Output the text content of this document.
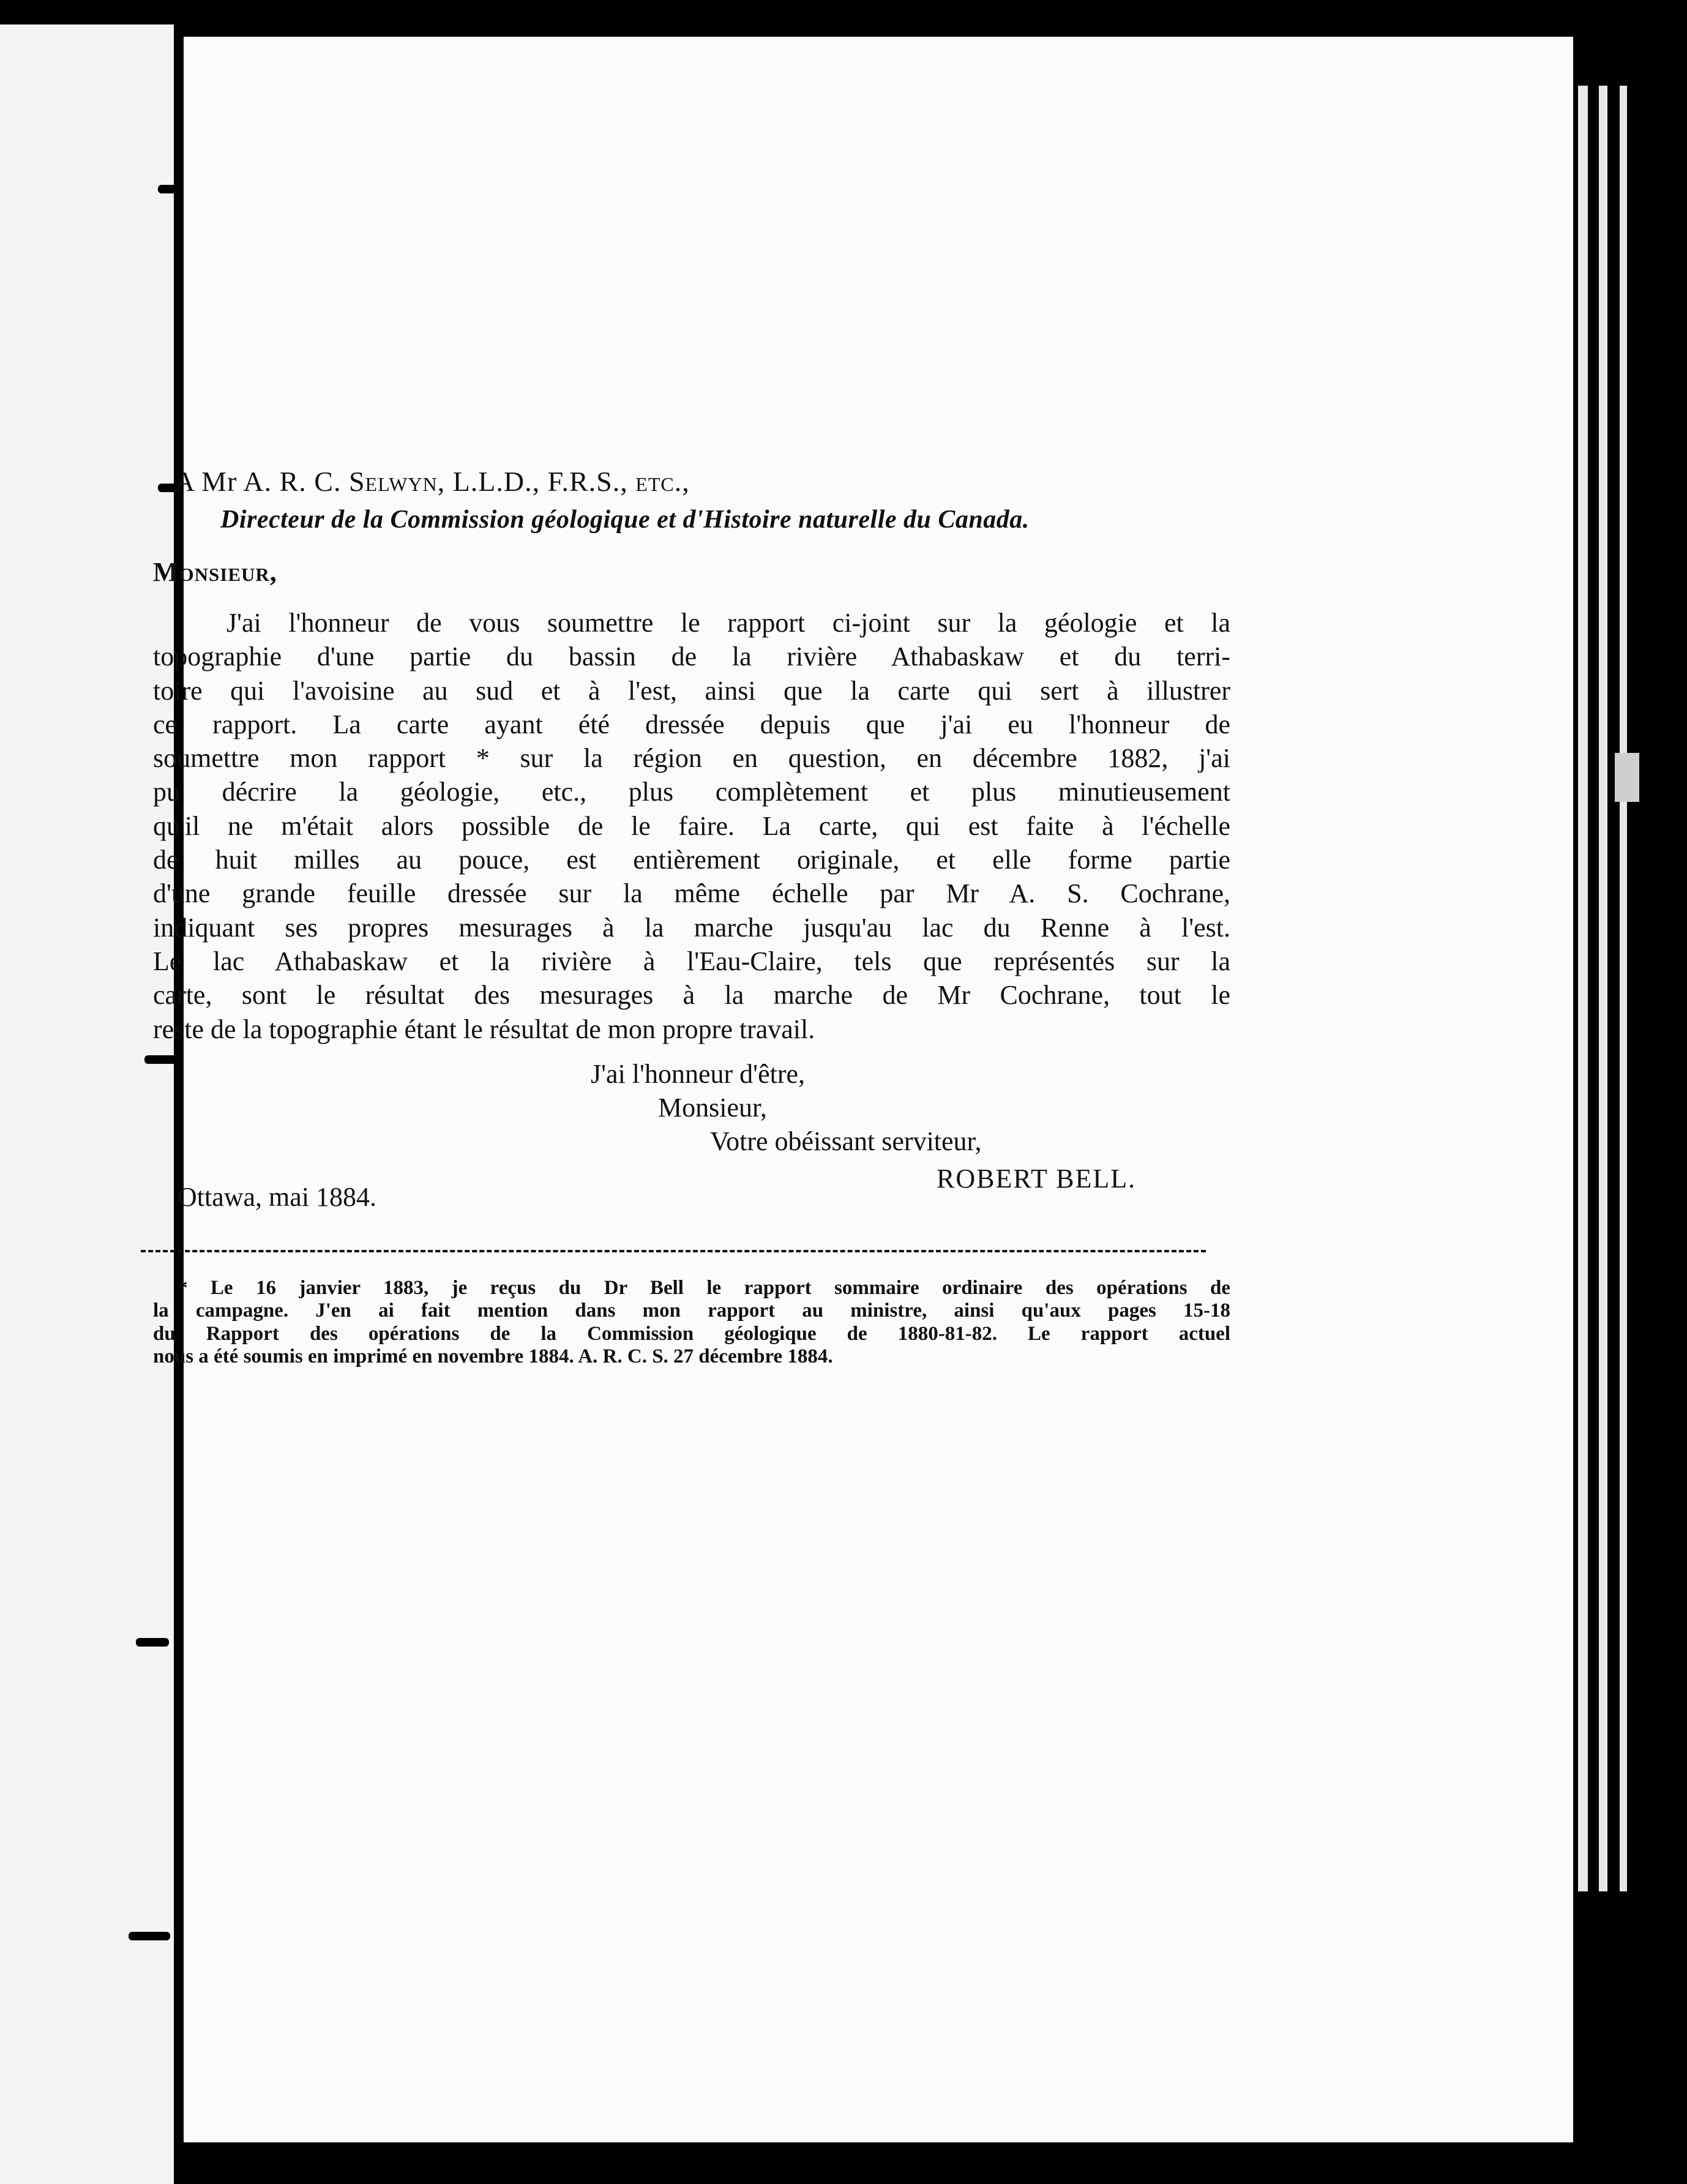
A Mr A. R. C. Selwyn, L.L.D., F.R.S., etc.,
Directeur de la Commission géologique et d'Histoire naturelle du Canada.
Monsieur,

J'ai l'honneur de vous soumettre le rapport ci-joint sur la géologie et la

topographie d'une partie du bassin de la rivière Athabaskaw et du terri-

toire qui l'avoisine au sud et à l'est, ainsi que la carte qui sert à illustrer

ce rapport. La carte ayant été dressée depuis que j'ai eu l'honneur de

soumettre mon rapport * sur la région en question, en décembre 1882, j'ai

pu décrire la géologie, etc., plus complètement et plus minutieusement

qu'il ne m'était alors possible de le faire. La carte, qui est faite à l'échelle

de huit milles au pouce, est entièrement originale, et elle forme partie

d'une grande feuille dressée sur la même échelle par Mr A. S. Cochrane,

indiquant ses propres mesurages à la marche jusqu'au lac du Renne à l'est.

Le lac Athabaskaw et la rivière à l'Eau-Claire, tels que représentés sur la

carte, sont le résultat des mesurages à la marche de Mr Cochrane, tout le

reste de la topographie étant le résultat de mon propre travail.

J'ai l'honneur d'être,
Monsieur,
Votre obéissant serviteur,
Ottawa, mai 1884.
ROBERT BELL.

* Le 16 janvier 1883, je reçus du Dr Bell le rapport sommaire ordinaire des opérations de

la campagne. J'en ai fait mention dans mon rapport au ministre, ainsi qu'aux pages 15-18

du Rapport des opérations de la Commission géologique de 1880-81-82. Le rapport actuel

nous a été soumis en imprimé en novembre 1884. A. R. C. S. 27 décembre 1884.
